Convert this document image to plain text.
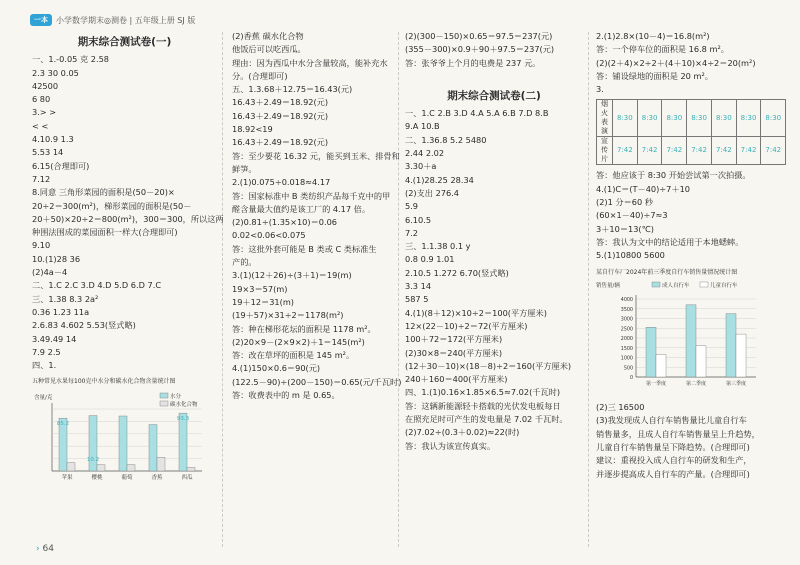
一本	小学数学期末◎测卷 | 五年级上册 SJ 版

期末综合测试卷(一)

一、1.-0.05 克 2.58

2.3 30 0.05

42500

6 80

3.> >

< <

4.10.9 1.3

5.53 14

6.15(合理即可)

7.12

8.同意 三角形菜园的面积是(50－20)×

20÷2＝300(m²)，梯形菜园的面积是(50－

20＋50)×20÷2＝800(m²)，300＝300，所以这两

种围法围成的菜园面积一样大(合理即可)

9.10

10.(1)28 36

(2)4a－4

二、1.C 2.C 3.D 4.D 5.D 6.D 7.C

三、1.38 8.3 2a²

0.36 1.23 11a

2.6.83 4.602 5.53(竖式略)

3.49.49 14

7.9 2.5

四、1.

五种常见水果每100克中水分和碳水化合物含量统计图
含量/克	水分
碳水化合物
85.2
苹果
10.2
樱桃	葡萄	香蕉
93.3
西瓜

(2)香蕉 碳水化合物

他饭后可以吃西瓜。

理由：因为西瓜中水分含量较高，能补充水

分。(合理即可)

五、1.3.68＋12.75＝16.43(元)

16.43＋2.49＝18.92(元)

16.43＋2.49＝18.92(元)

18.92<19

16.43＋2.49＝18.92(元)

答：至少要花 16.32 元，能买到玉米、排骨和

鲜笋。

2.(1)0.075÷0.018≈4.17

答：国家标准中 B 类纺织产品每千克中的甲

醛含量最大值约是该工厂的 4.17 倍。

(2)0.81÷(1.35×10)＝0.06

0.02<0.06<0.075

答：这批外套可能是 B 类或 C 类标准生

产的。

3.(1)(12＋26)÷(3＋1)＝19(m)

19×3＝57(m)

19＋12＝31(m)

(19＋57)×31÷2＝1178(m²)

答：种在梯形花坛的面积是 1178 m²。

(2)20×9－(2×9×2)＋1＝145(m²)

答：改在草坪的面积是 145 m²。

4.(1)150×0.6＝90(元)

(122.5－90)÷(200－150)＝0.65(元/千瓦时)

答：收费表中的 m 是 0.65。

(2)(300－150)×0.65＝97.5＝237(元)

(355－300)×0.9＋90＋97.5＝237(元)

答：张爷爷上个月的电费是 237 元。

期末综合测试卷(二)

一、1.C 2.B 3.D 4.A 5.A 6.B 7.D 8.B

9.A 10.B

二、1.36.8 5.2 5480

2.44 2.02

3.30＋a

4.(1)28.25 28.34

(2)支出 276.4

5.9

6.10.5

7.2

三、1.1.38 0.1 y

0.8 0.9 1.01

2.10.5 1.272 6.70(竖式略)

3.3 14

587 5

4.(1)(8＋12)×10÷2＝100(平方厘米)

12×(22－10)÷2＝72(平方厘米)

100＋72＝172(平方厘米)

(2)30×8＝240(平方厘米)

(12＋30－10)×(18－8)÷2＝160(平方厘米)

240＋160＝400(平方厘米)

四、1.(1)0.16×1.85×6.5≈7.02(千瓦时)

答：这辆新能源轻卡搭载的光伏发电板每日

在照充足时可产生的发电量是 7.02 千瓦时。

(2)7.02÷(0.3＋0.02)≈22(时)

答：我认为该宣传真实。

2.(1)2.8×(10－4)＝16.8(m²)

答：一个停车位的面积是 16.8 m²。

(2)(2＋4)×2÷2＋(4＋10)×4÷2＝20(m²)

答：铺设绿地的面积是 20 m²。

3.

烟火
表演	8:30	8:30	8:30	8:30	8:30	8:30	8:30

宣传
片	7:42	7:42	7:42	7:42	7:42	7:42	7:42

答：他应该于 8:30 开始尝试第一次拍摄。

4.(1)C＝(T－40)÷7＋10

(2)1 分＝60 秒

(60×1－40)÷7≈3

3＋10＝13(℃)

答：我认为文中的结论适用于本地蟋蟀。

5.(1)10800 5600

某自行车厂2024年前三季度自行车销售量情况统计图
销售量/辆	成人自行车	儿童自行车
0
500
1000
1500
2000
2500
3000
3500
4000
第一季度	第二季度	第三季度

(2)三 16500

(3)我发现成人自行车销售量比儿童自行车

销售量多，且成人自行车销售量呈上升趋势，

儿童自行车销售量呈下降趋势。(合理即可)

建议：重视投入成人自行车的研发和生产，

并逐步提高成人自行车的产量。(合理即可)

› 64
